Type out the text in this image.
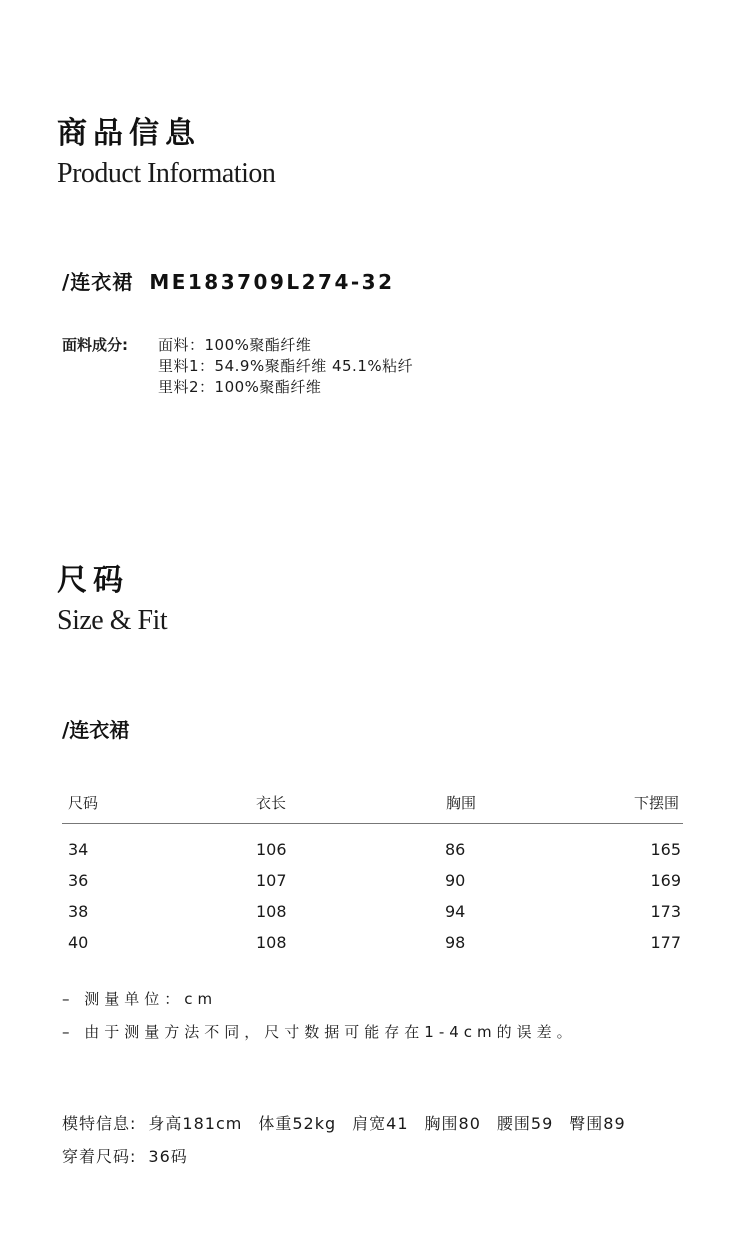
商品信息
Product Information
/连衣裙 ME183709L274-32
面料成分: 面料：100%聚酯纤维
里料1：54.9%聚酯纤维 45.1%粘纤
里料2：100%聚酯纤维
尺码
Size & Fit
/连衣裙
尺码	衣长	胸围	下摆围
34	106	86	165
36	107	90	169
38	108	94	173
40	108	98	177
– 测量单位：cm
– 由于测量方法不同，尺寸数据可能存在1-4cm的误差。
模特信息: 身高181cm 体重52kg 肩宽41 胸围80 腰围59 臀围89
穿着尺码: 36码
